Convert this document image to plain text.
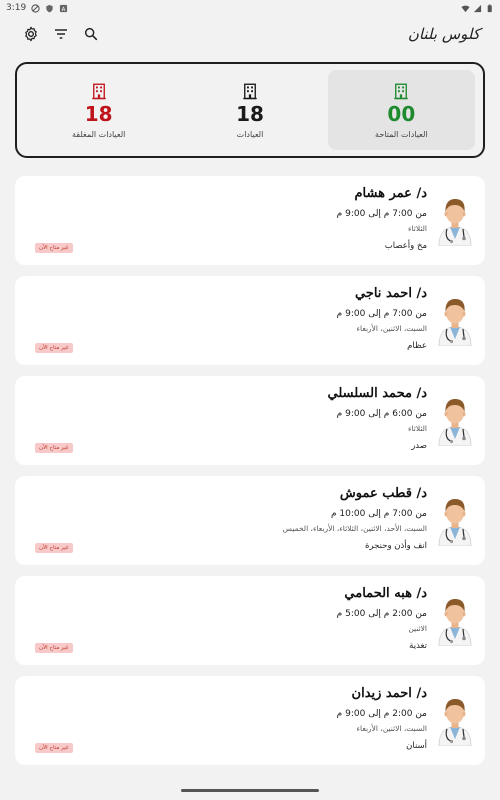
3:19	A
كلوس بلنان
00
العيادات المتاحة
18
العيادات
18
العيادات المغلقة
د/ عمر هشام
من 7:00 م إلى 9:00 م
الثلاثاء
مخ وأعصاب
غير متاح الآن
د/ احمد ناجي
من 7:00 م إلى 9:00 م
السبت، الاثنين، الأربعاء
عظام
غير متاح الآن
د/ محمد السلسلي
من 6:00 م إلى 9:00 م
الثلاثاء
صدر
غير متاح الآن
د/ قطب عموش
من 7:00 م إلى 10:00 م
السبت، الأحد، الاثنين، الثلاثاء، الأربعاء، الخميس
انف وأذن وحنجرة
غير متاح الآن
د/ هبه الحمامي
من 2:00 م إلى 5:00 م
الاثنين
تغذية
غير متاح الآن
د/ احمد زيدان
من 2:00 م إلى 9:00 م
السبت، الاثنين، الأربعاء
أسنان
غير متاح الآن
